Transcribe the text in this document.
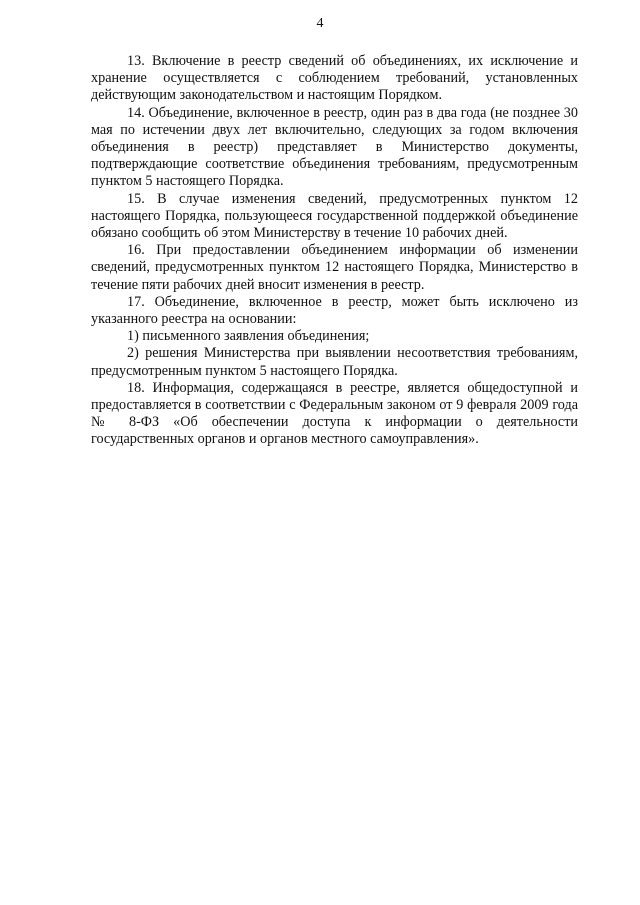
4

13. Включение в реестр сведений об объединениях, их исключение и хранение осуществляется с соблюдением требований, установленных действующим законодательством и настоящим Порядком.

14. Объединение, включенное в реестр, один раз в два года (не позднее 30 мая по истечении двух лет включительно, следующих за годом включения объединения в реестр) представляет в Министерство документы, подтверждающие соответствие объединения требованиям, предусмотренным пунктом 5 настоящего Порядка.

15. В случае изменения сведений, предусмотренных пунктом 12 настоящего Порядка, пользующееся государственной поддержкой объединение обязано сообщить об этом Министерству в течение 10 рабочих дней.

16. При предоставлении объединением информации об изменении сведений, предусмотренных пунктом 12 настоящего Порядка, Министерство в течение пяти рабочих дней вносит изменения в реестр.

17. Объединение, включенное в реестр, может быть исключено из указанного реестра на основании:

1) письменного заявления объединения;

2) решения Министерства при выявлении несоответствия требованиям, предусмотренным пунктом 5 настоящего Порядка.

18. Информация, содержащаяся в реестре, является общедоступной и предоставляется в соответствии с Федеральным законом от 9 февраля 2009 года № 8-ФЗ «Об обеспечении доступа к информации о деятельности государственных органов и органов местного самоуправления».
